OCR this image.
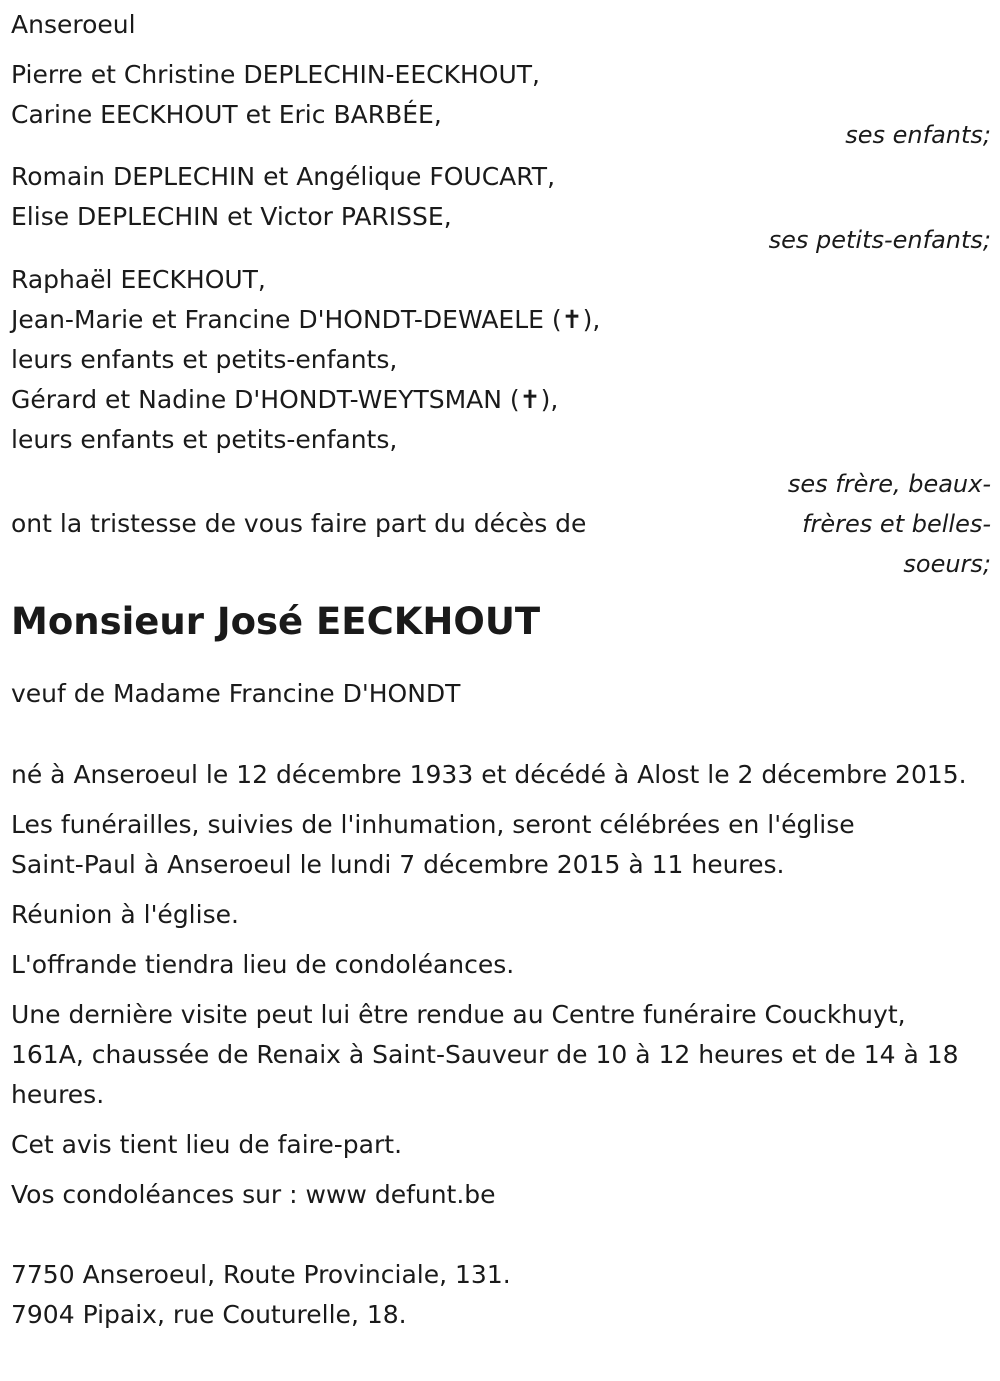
Anseroeul
Pierre et Christine DEPLECHIN-EECKHOUT,
Carine EECKHOUT et Eric BARBÉE,
ses enfants;
Romain DEPLECHIN et Angélique FOUCART,
Elise DEPLECHIN et Victor PARISSE,
ses petits-enfants;
Raphaël EECKHOUT,
Jean-Marie et Francine D'HONDT-DEWAELE (✝),
leurs enfants et petits-enfants,
Gérard et Nadine D'HONDT-WEYTSMAN (✝),
leurs enfants et petits-enfants,
ses frère, beaux-frères et belles-soeurs;
ont la tristesse de vous faire part du décès de
Monsieur José EECKHOUT
veuf de Madame Francine D'HONDT
né à Anseroeul le 12 décembre 1933 et décédé à Alost le 2 décembre 2015.
Les funérailles, suivies de l'inhumation, seront célébrées en l'église Saint-Paul à Anseroeul le lundi 7 décembre 2015 à 11 heures.
Réunion à l'église.
L'offrande tiendra lieu de condoléances.
Une dernière visite peut lui être rendue au Centre funéraire Couckhuyt, 161A, chaussée de Renaix à Saint-Sauveur de 10 à 12 heures et de 14 à 18 heures.
Cet avis tient lieu de faire-part.
Vos condoléances sur : www defunt.be
7750 Anseroeul, Route Provinciale, 131.
7904 Pipaix, rue Couturelle, 18.
